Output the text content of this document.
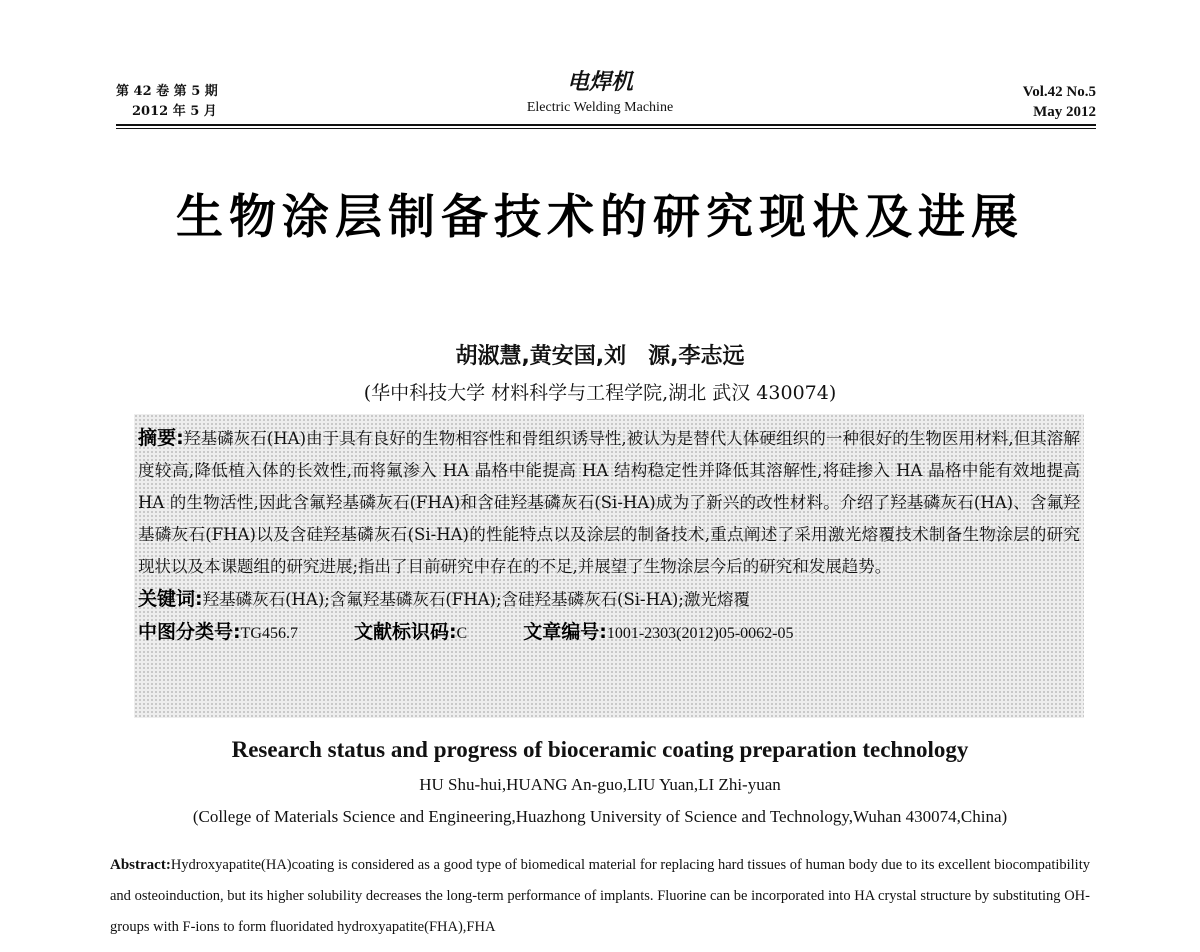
第 42 卷 第 5 期
2012 年 5 月
电焊机
Electric Welding Machine
Vol.42 No.5
May 2012
生物涂层制备技术的研究现状及进展
胡淑慧,黄安国,刘　源,李志远
(华中科技大学 材料科学与工程学院,湖北 武汉 430074)

摘要:羟基磷灰石(HA)由于具有良好的生物相容性和骨组织诱导性,被认为是替代人体硬组织的一种很好的生物医用材料,但其溶解度较高,降低植入体的长效性,而将氟渗入 HA 晶格中能提高 HA 结构稳定性并降低其溶解性,将硅掺入 HA 晶格中能有效地提高 HA 的生物活性,因此含氟羟基磷灰石(FHA)和含硅羟基磷灰石(Si-HA)成为了新兴的改性材料。介绍了羟基磷灰石(HA)、含氟羟基磷灰石(FHA)以及含硅羟基磷灰石(Si-HA)的性能特点以及涂层的制备技术,重点阐述了采用激光熔覆技术制备生物涂层的研究现状以及本课题组的研究进展;指出了目前研究中存在的不足,并展望了生物涂层今后的研究和发展趋势。

关键词:羟基磷灰石(HA);含氟羟基磷灰石(FHA);含硅羟基磷灰石(Si-HA);激光熔覆
中图分类号:TG456.7	文献标识码:C	文章编号:1001-2303(2012)05-0062-05
Research status and progress of bioceramic coating preparation technology
HU Shu-hui,HUANG An-guo,LIU Yuan,LI Zhi-yuan
(College of Materials Science and Engineering,Huazhong University of Science and Technology,Wuhan 430074,China)

Abstract:Hydroxyapatite(HA)coating is considered as a good type of biomedical material for replacing hard tissues of human body due to its excellent biocompatibility and osteoinduction, but its higher solubility decreases the long-term performance of implants. Fluorine can be incorporated into HA crystal structure by substituting OH-groups with F-ions to form fluoridated hydroxyapatite(FHA),FHA
